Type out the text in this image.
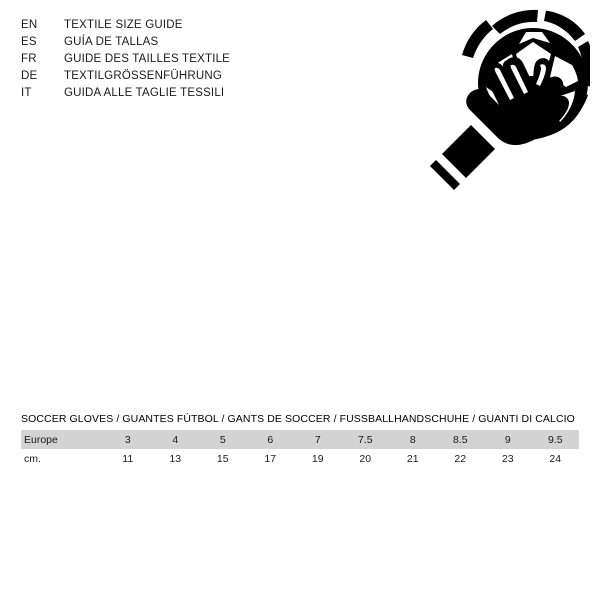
EN	TEXTILE SIZE GUIDE
ES	GUÍA DE TALLAS
FR	GUIDE DES TAILLES TEXTILE
DE	TEXTILGRÖSSENFÜHRUNG
IT	GUIDA ALLE TAGLIE TESSILI
SOCCER GLOVES / GUANTES FÚTBOL / GANTS DE SOCCER / FUSSBALLHANDSCHUHE / GUANTI DI CALCIO
Europe	3	4	5	6	7	7.5	8	8.5	9	9.5
cm.	11	13	15	17	19	20	21	22	23	24
